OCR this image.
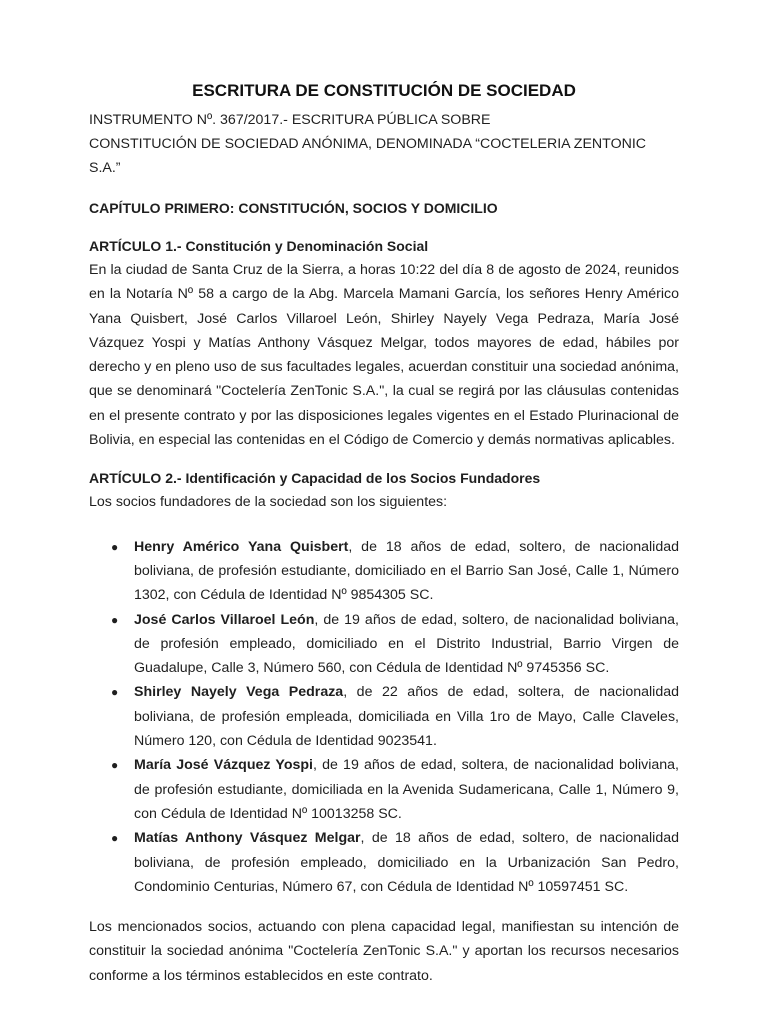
ESCRITURA DE CONSTITUCIÓN DE SOCIEDAD

INSTRUMENTO Nº. 367/2017.- ESCRITURA PÚBLICA SOBRE

CONSTITUCIÓN DE SOCIEDAD ANÓNIMA, DENOMINADA “COCTELERIA ZENTONIC S.A.”

CAPÍTULO PRIMERO: CONSTITUCIÓN, SOCIOS Y DOMICILIO
ARTÍCULO 1.- Constitución y Denominación Social

En la ciudad de Santa Cruz de la Sierra, a horas 10:22 del día 8 de agosto de 2024, reunidos en la Notaría Nº 58 a cargo de la Abg. Marcela Mamani García, los señores Henry Américo Yana Quisbert, José Carlos Villaroel León, Shirley Nayely Vega Pedraza, María José Vázquez Yospi y Matías Anthony Vásquez Melgar, todos mayores de edad, hábiles por derecho y en pleno uso de sus facultades legales, acuerdan constituir una sociedad anónima, que se denominará "Coctelería ZenTonic S.A.", la cual se regirá por las cláusulas contenidas en el presente contrato y por las disposiciones legales vigentes en el Estado Plurinacional de Bolivia, en especial las contenidas en el Código de Comercio y demás normativas aplicables.

ARTÍCULO 2.- Identificación y Capacidad de los Socios Fundadores

Los socios fundadores de la sociedad son los siguientes:

● Henry Américo Yana Quisbert, de 18 años de edad, soltero, de nacionalidad boliviana, de profesión estudiante, domiciliado en el Barrio San José, Calle 1, Número 1302, con Cédula de Identidad Nº 9854305 SC.
● José Carlos Villaroel León, de 19 años de edad, soltero, de nacionalidad boliviana, de profesión empleado, domiciliado en el Distrito Industrial, Barrio Virgen de Guadalupe, Calle 3, Número 560, con Cédula de Identidad Nº 9745356 SC.
● Shirley Nayely Vega Pedraza, de 22 años de edad, soltera, de nacionalidad boliviana, de profesión empleada, domiciliada en Villa 1ro de Mayo, Calle Claveles, Número 120, con Cédula de Identidad 9023541.
● María José Vázquez Yospi, de 19 años de edad, soltera, de nacionalidad boliviana, de profesión estudiante, domiciliada en la Avenida Sudamericana, Calle 1, Número 9, con Cédula de Identidad Nº 10013258 SC.
● Matías Anthony Vásquez Melgar, de 18 años de edad, soltero, de nacionalidad boliviana, de profesión empleado, domiciliado en la Urbanización San Pedro, Condominio Centurias, Número 67, con Cédula de Identidad Nº 10597451 SC.

Los mencionados socios, actuando con plena capacidad legal, manifiestan su intención de constituir la sociedad anónima "Coctelería ZenTonic S.A." y aportan los recursos necesarios conforme a los términos establecidos en este contrato.
